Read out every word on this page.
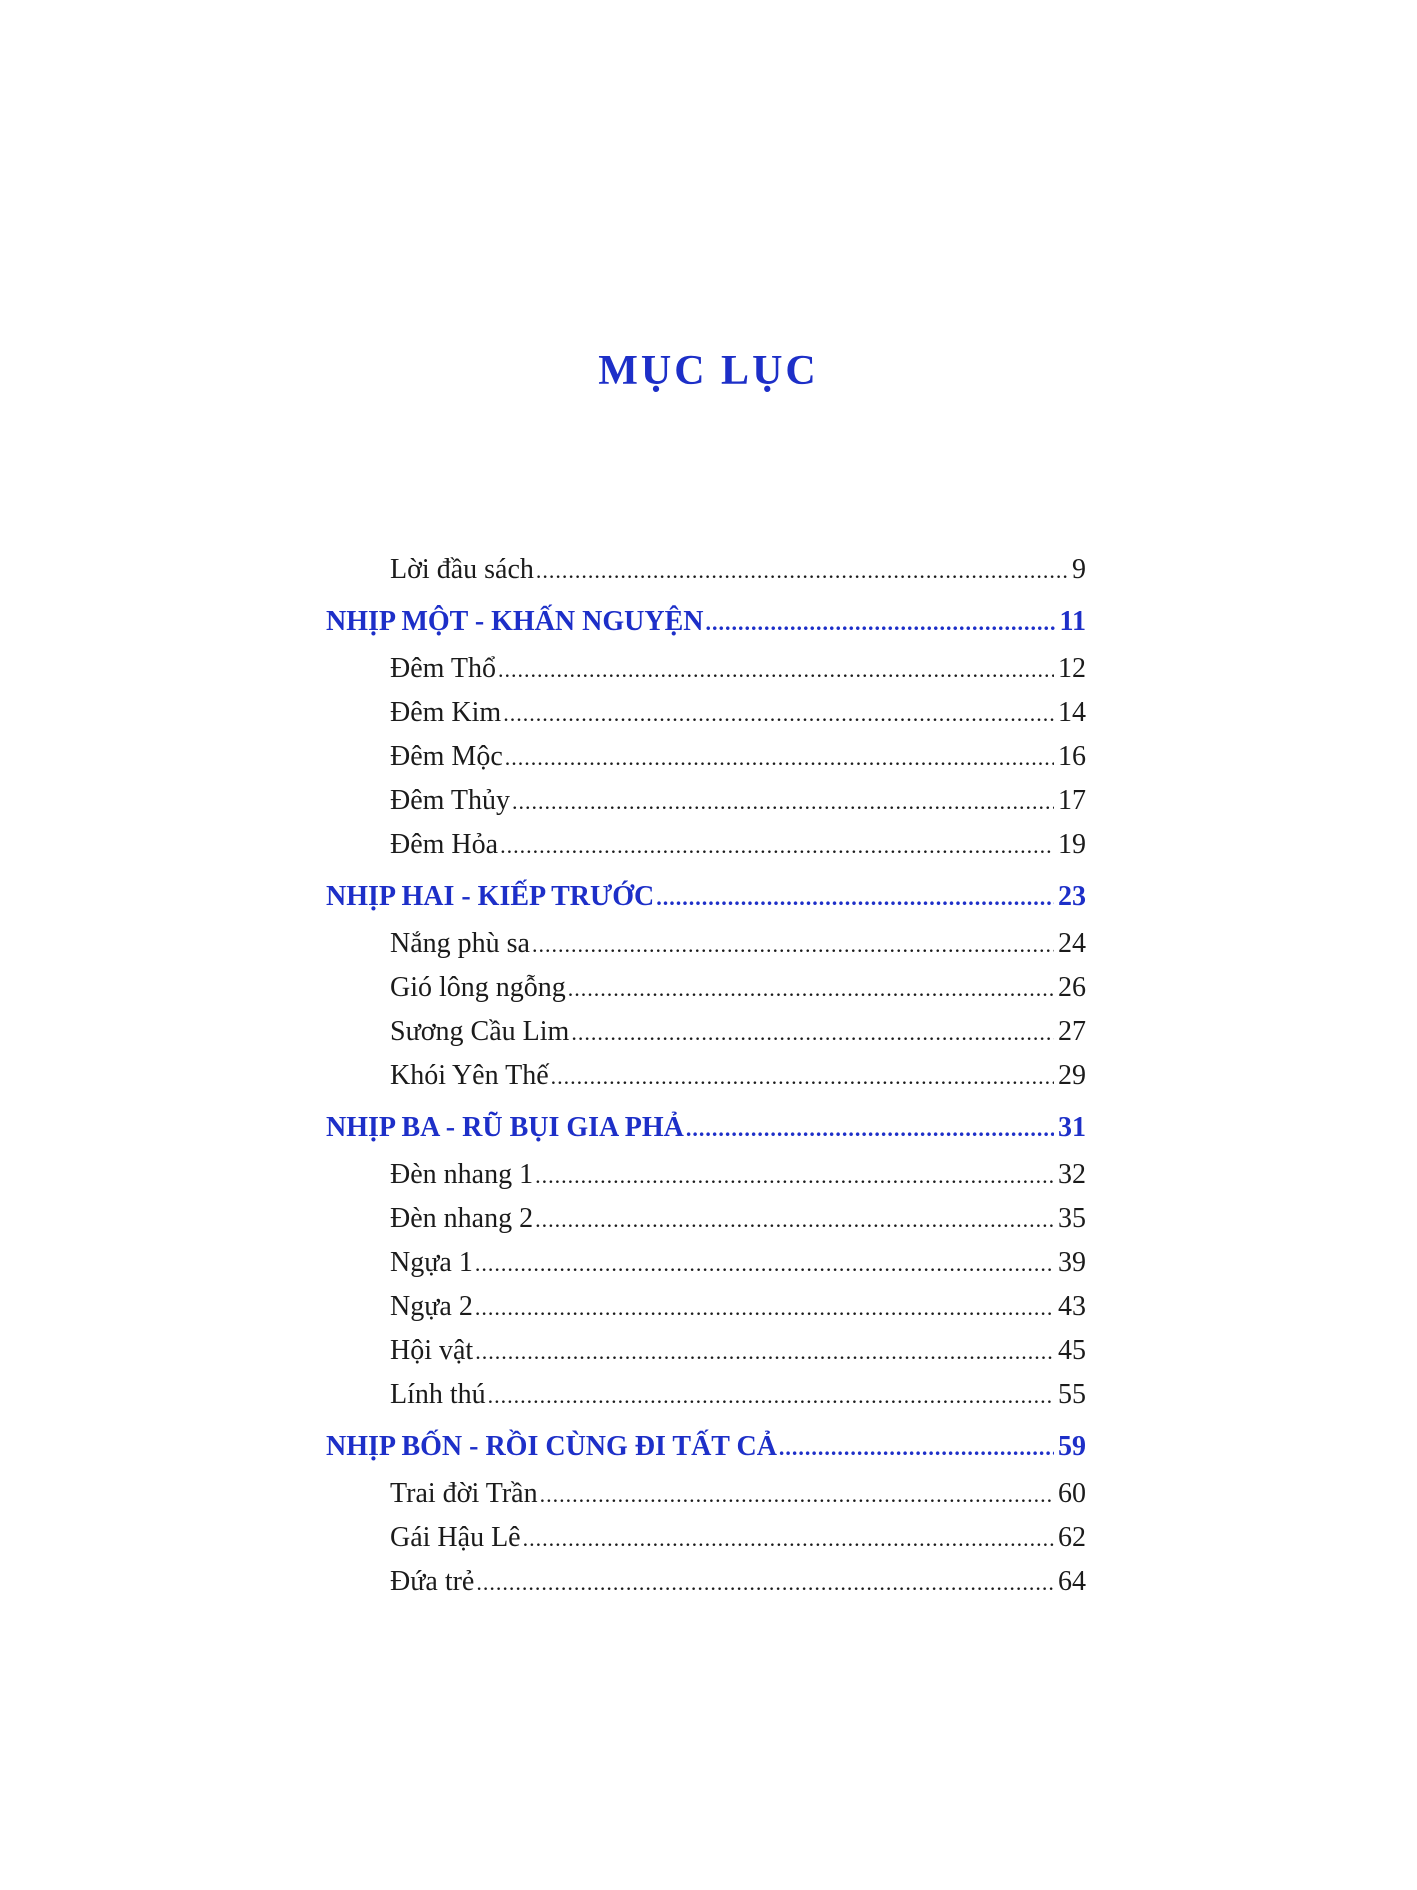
MỤC LỤC
Lời đầu sách .....	9
NHỊP MỘT - KHẤN NGUYỆN .....	11
Đêm Thổ .....	12
Đêm Kim .....	14
Đêm Mộc .....	16
Đêm Thủy .....	17
Đêm Hỏa .....	19
NHỊP HAI - KIẾP TRƯỚC .....	23
Nắng phù sa .....	24
Gió lông ngỗng .....	26
Sương Cầu Lim .....	27
Khói Yên Thế .....	29
NHỊP BA - RŨ BỤI GIA PHẢ .....	31
Đèn nhang 1 .....	32
Đèn nhang 2 .....	35
Ngựa 1 .....	39
Ngựa 2 .....	43
Hội vật .....	45
Lính thú .....	55
NHỊP BỐN - RỒI CÙNG ĐI TẤT CẢ .....	59
Trai đời Trần .....	60
Gái Hậu Lê .....	62
Đứa trẻ .....	64
